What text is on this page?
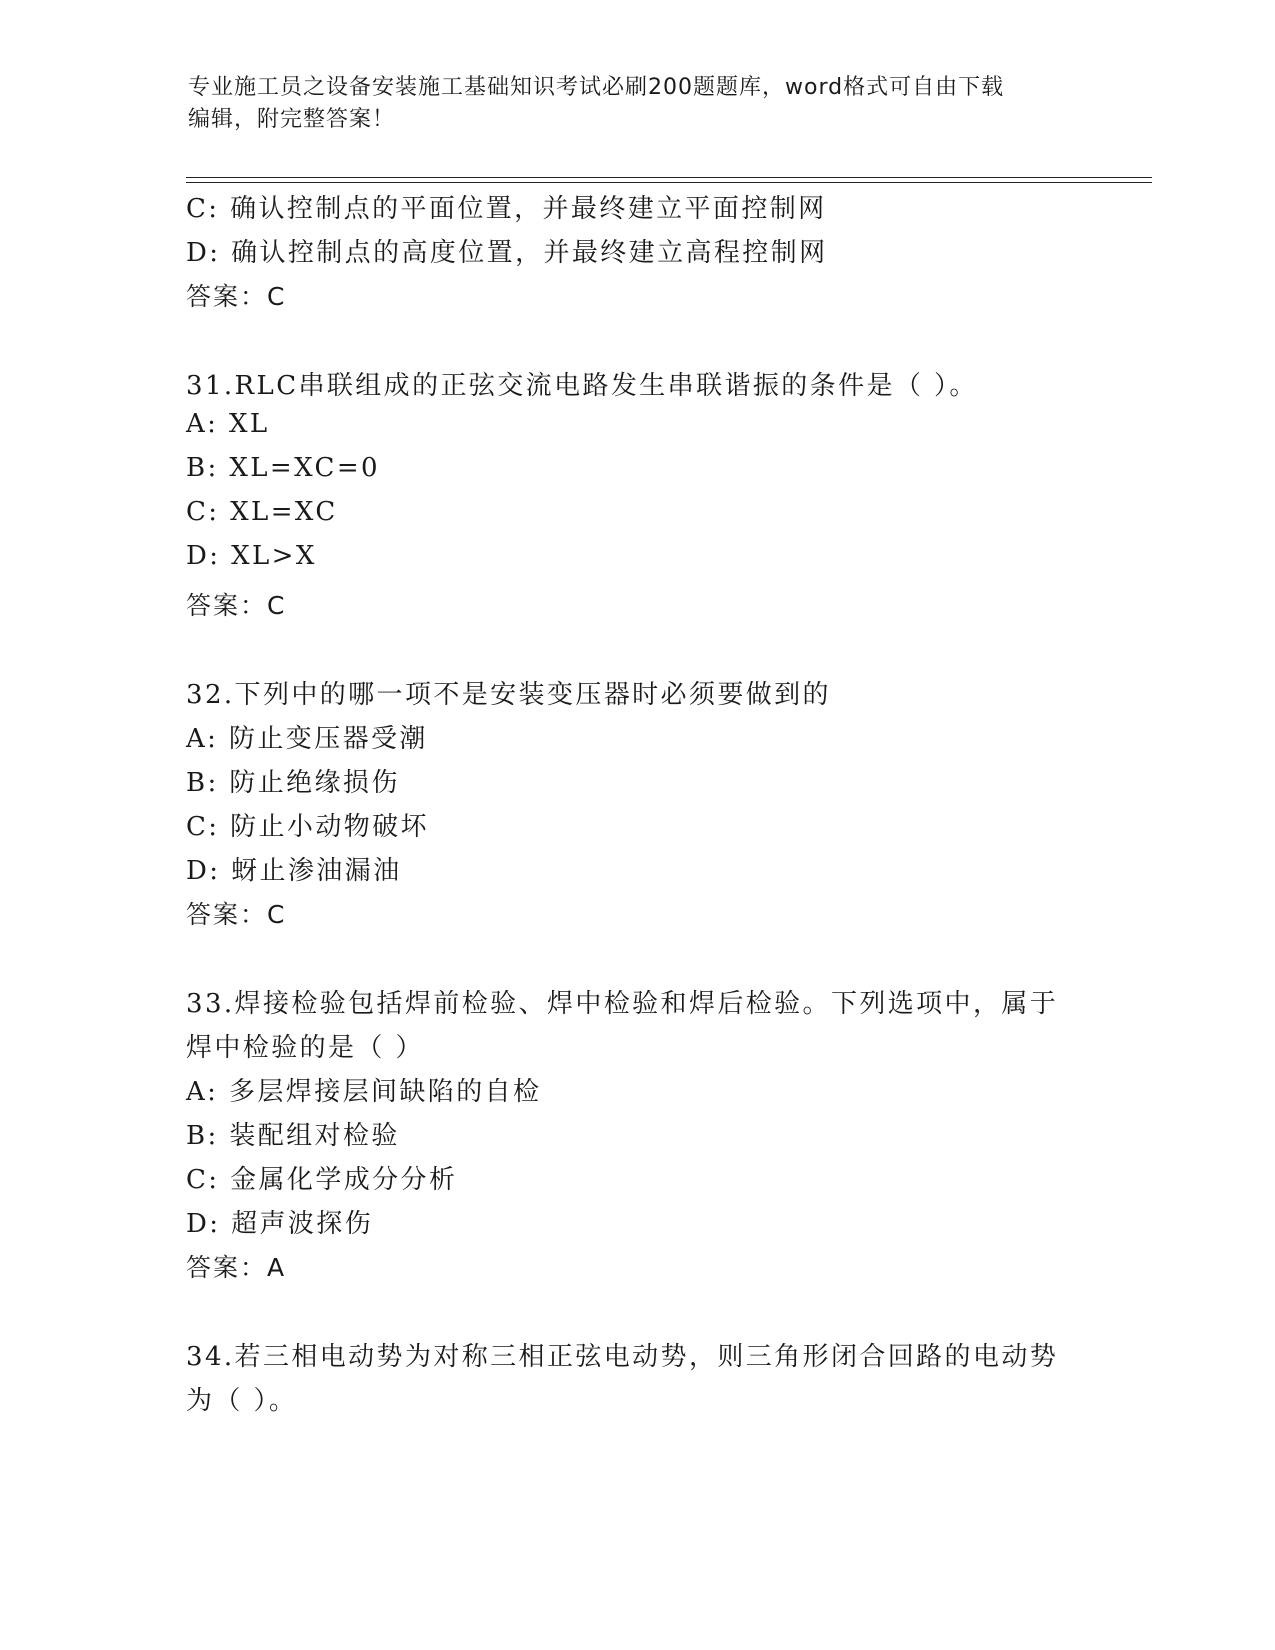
专业施工员之设备安装施工基础知识考试必刷200题题库，word格式可自由下载
编辑，附完整答案！
C: 确认控制点的平面位置，并最终建立平面控制网
D: 确认控制点的高度位置，并最终建立高程控制网
答案：C
31.RLC串联组成的正弦交流电路发生串联谐振的条件是（ ）。
A: XL
B: XL=XC=0
C: XL=XC
D: XL>X
答案：C
32.下列中的哪一项不是安装变压器时必须要做到的
A: 防止变压器受潮
B: 防止绝缘损伤
C: 防止小动物破坏
D: 蚜止渗油漏油
答案：C
33.焊接检验包括焊前检验、焊中检验和焊后检验。下列选项中，属于
焊中检验的是（ ）
A: 多层焊接层间缺陷的自检
B: 装配组对检验
C: 金属化学成分分析
D: 超声波探伤
答案：A
34.若三相电动势为对称三相正弦电动势，则三角形闭合回路的电动势
为（ ）。
